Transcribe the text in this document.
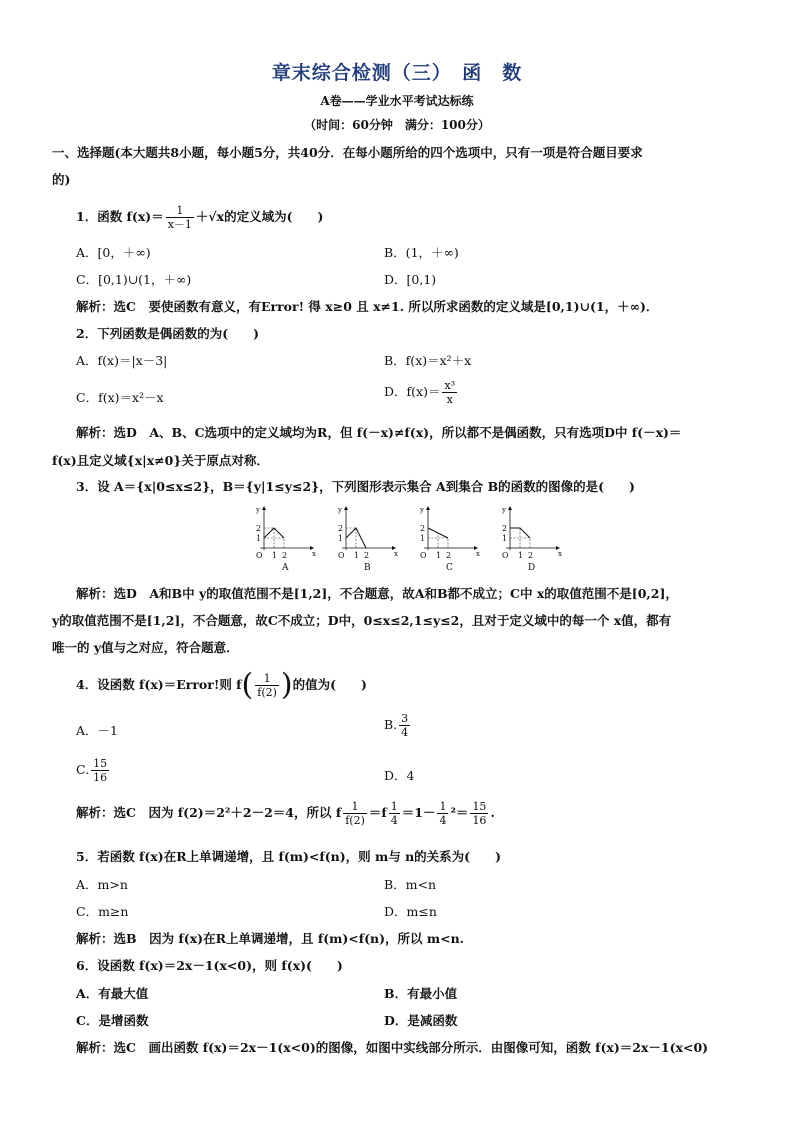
章末综合检测（三）　函　数
A卷——学业水平考试达标练
（时间：60分钟　满分：100分）
一、选择题(本大题共8小题，每小题5分，共40分．在每小题所给的四个选项中，只有一项是符合题目要求
的)
1．函数 $f(x)= \frac{1}{x-1} +√x$的定义域为(　　)
A．[0，＋∞)	B．(1，＋∞)
C．[0,1)∪(1，＋∞)	D．[0,1)
解析：选C　要使函数有意义，有Error! 得 x≥0 且 x≠1. 所以所求函数的定义域是[0,1)∪(1，＋∞)．
2．下列函数是偶函数的为(　　)
A．f(x)＝|x－3|	B．f(x)＝x²＋x
C．f(x)＝x²－x	D．$f(x)= \frac{\text{x³}}{x}$
解析：选D　A、B、C选项中的定义域均为R，但 f(－x)≠f(x)，所以都不是偶函数，只有选项D中 f(－x)＝
f(x)且定义域{x|x≠0}关于原点对称．
3．设 A＝{x|0≤x≤2}，B＝{y|1≤y≤2}，下列图形表示集合 A到集合 B的函数的图像的是(　　)
y
x
O 1 2
1
2
A
y
x
O 1 2
1
2
B
y
x
O 1 2
1
2
C
y
x
O 1 2
1
2
D
解析：选D　A和B中 y的取值范围不是[1,2]，不合题意，故A和B都不成立；C中 x的取值范围不是[0,2]，
y的取值范围不是[1,2]，不合题意，故C不成立；D中，0≤x≤2,1≤y≤2，且对于定义域中的每一个 x值，都有
唯一的 y值与之对应，符合题意．
4．设函数 f(x)＝Error!则 $f( \frac{1}{f(2)}$ )的值为(　　)
A．－1	B. $\frac{3}{4}$
C. $\frac{15}{16}$	D．4
解析：选C　因为 f(2)＝2²＋2－2＝4，所以 f $\frac{1}{f(2)} =f \frac{1}{4} =1- \frac{1}{4} ^2= \frac{15}{16}$ .
5．若函数 f(x)在R上单调递增，且 f(m)<f(n)，则 m与 n的关系为(　　)
A．m>n	B．m<n
C．m≥n	D．m≤n
解析：选B　因为 f(x)在R上单调递增，且 f(m)<f(n)，所以 m<n.
6．设函数 f(x)＝2x－1(x<0)，则 f(x)(　　)
A．有最大值	B．有最小值
C．是增函数	D．是减函数
解析：选C　画出函数 f(x)＝2x－1(x<0)的图像，如图中实线部分所示．由图像可知，函数 f(x)＝2x－1(x<0)
